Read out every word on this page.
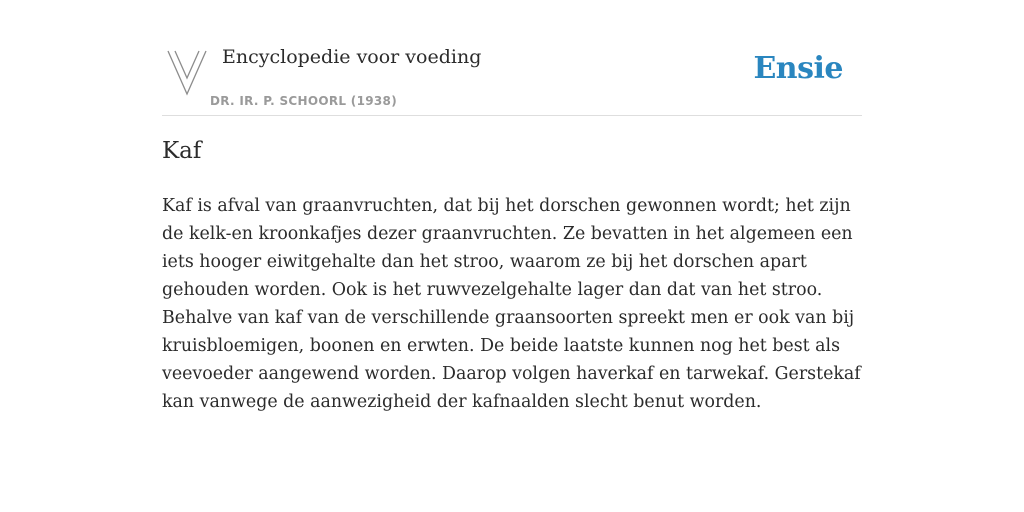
Encyclopedie voor voeding
DR. IR. P. SCHOORL (1938)
Ensie
Kaf

Kaf is afval van graanvruchten, dat bij het dorschen gewonnen wordt; het zijn de kelk-en kroonkafjes dezer graanvruchten. Ze bevatten in het algemeen een iets hooger eiwitgehalte dan het stroo, waarom ze bij het dorschen apart gehouden worden. Ook is het ruwvezelgehalte lager dan dat van het stroo. Behalve van kaf van de verschillende graansoorten spreekt men er ook van bij kruisbloemigen, boonen en erwten. De beide laatste kunnen nog het best als veevoeder aangewend worden. Daarop volgen haverkaf en tarwekaf. Gerstekaf kan vanwege de aanwezigheid der kafnaalden slecht benut worden.
